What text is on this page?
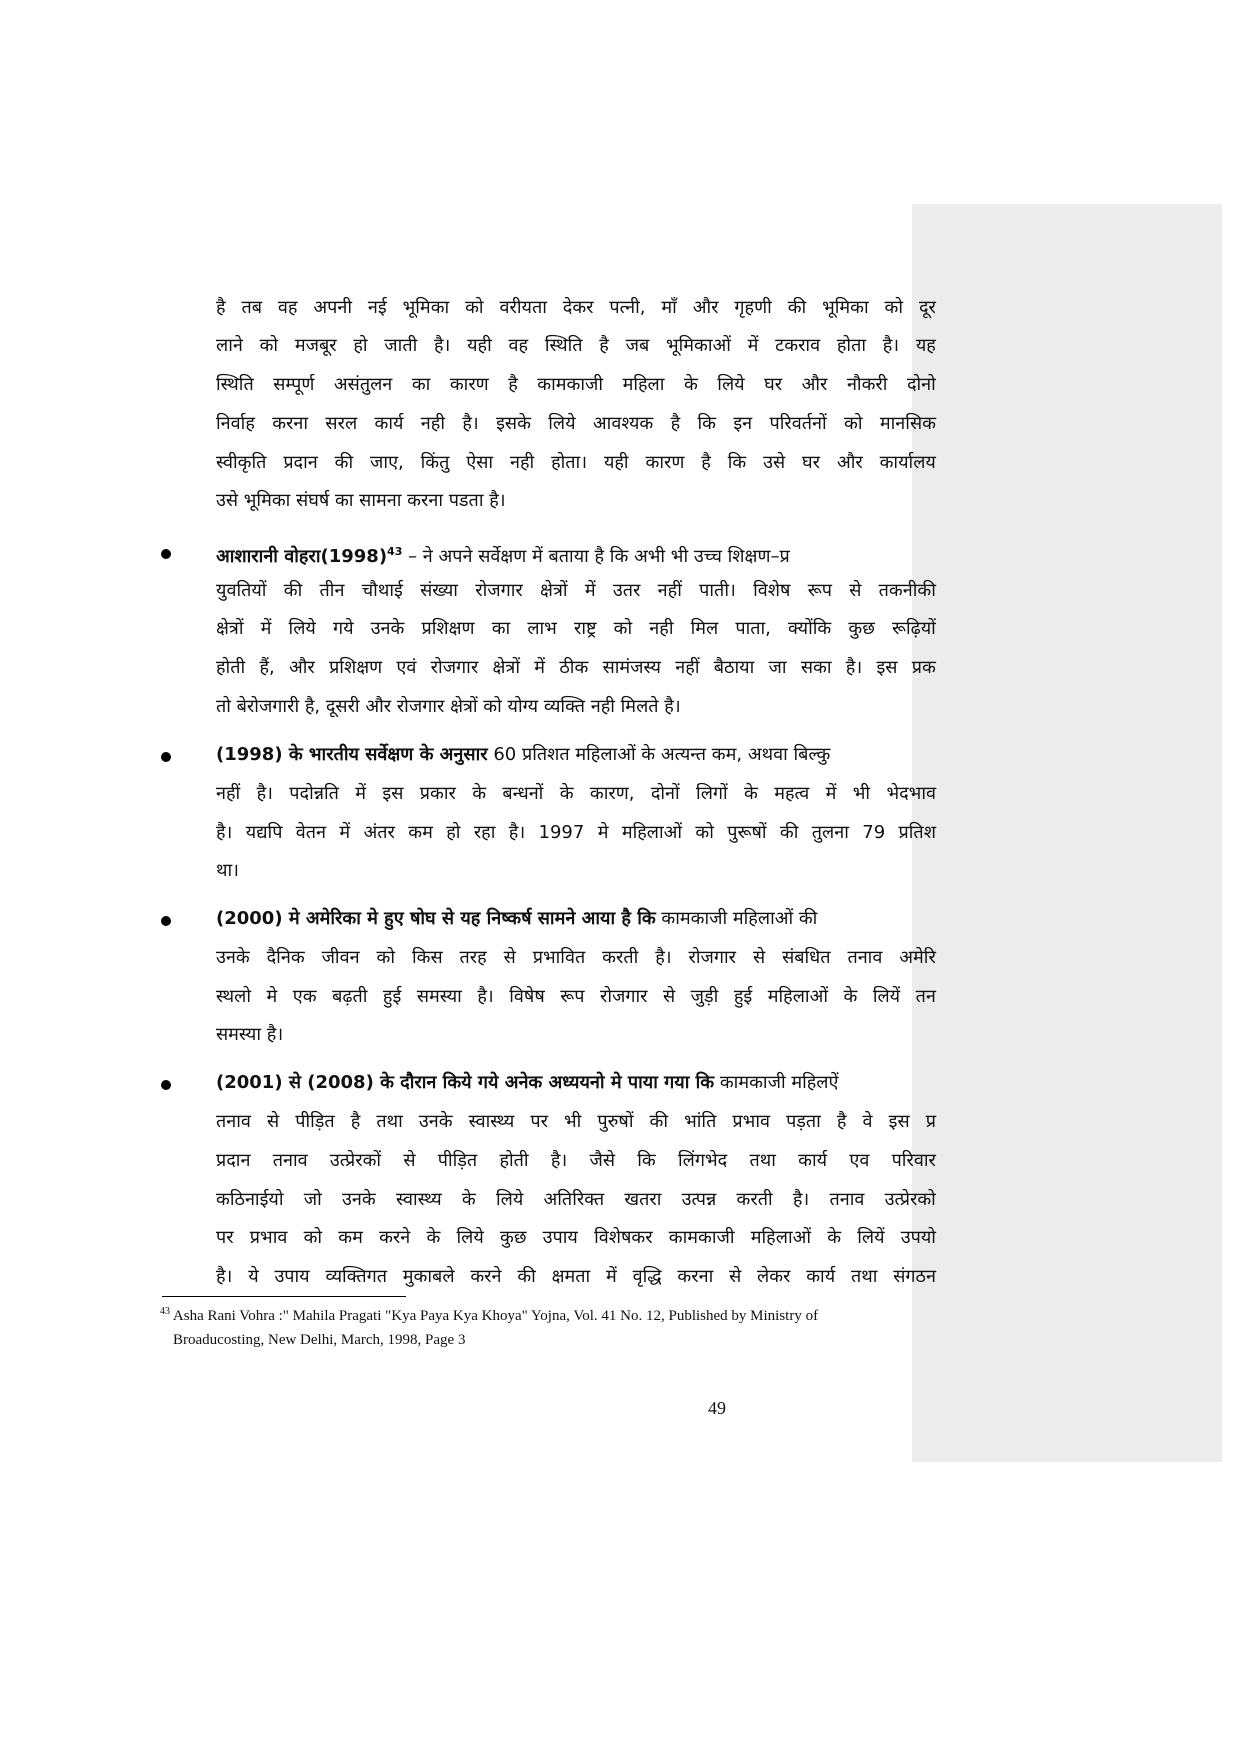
है तब वह अपनी नई भूमिका को वरीयता देकर पत्नी, माँ और गृहणी की भूमिका को दूर
लाने को मजबूर हो जाती है। यही वह स्थिति है जब भूमिकाओं में टकराव होता है। यह
स्थिति सम्पूर्ण असंतुलन का कारण है कामकाजी महिला के लिये घर और नौकरी दोनो
निर्वाह करना सरल कार्य नही है। इसके लिये आवश्यक है कि इन परिवर्तनों को मानसिक
स्वीकृति प्रदान की जाए, किंतु ऐसा नही होता। यही कारण है कि उसे घर और कार्यालय
उसे भूमिका संघर्ष का सामना करना पडता है।
आशारानी $वोहरा(1998)^{43}$ – ने अपने सर्वेक्षण में बताया है कि अभी भी उच्च शिक्षण–प्र
युवतियों की तीन चौथाई संख्या रोजगार क्षेत्रों में उतर नहीं पाती। विशेष रूप से तकनीकी
क्षेत्रों में लिये गये उनके प्रशिक्षण का लाभ राष्ट्र को नही मिल पाता, क्योंकि कुछ रूढ़ियों
होती हैं, और प्रशिक्षण एवं रोजगार क्षेत्रों में ठीक सामंजस्य नहीं बैठाया जा सका है। इस प्रक
तो बेरोजगारी है, दूसरी और रोजगार क्षेत्रों को योग्य व्यक्ति नही मिलते है।
(1998) के भारतीय सर्वेक्षण के अनुसार 60 प्रतिशत महिलाओं के अत्यन्त कम, अथवा बिल्कु
नहीं है। पदोन्नति में इस प्रकार के बन्धनों के कारण, दोनों लिगों के महत्व में भी भेदभाव
है। यद्यपि वेतन में अंतर कम हो रहा है। 1997 मे महिलाओं को पुरूषों की तुलना 79 प्रतिश
था।
(2000) मे अमेरिका मे हुए षोघ से यह निष्कर्ष सामने आया है कि कामकाजी महिलाओं की
उनके दैनिक जीवन को किस तरह से प्रभावित करती है। रोजगार से संबधित तनाव अमेरि
स्थलो मे एक बढ़ती हुई समस्या है। विषेष रूप रोजगार से जुड़ी हुई महिलाओं के लियें तन
समस्या है।
(2001) से (2008) के दौरान किये गये अनेक अध्ययनो मे पाया गया कि कामकाजी महिलऐं
तनाव से पीड़ित है तथा उनके स्वास्थ्य पर भी पुरुषों की भांति प्रभाव पड़ता है वे इस प्र
प्रदान तनाव उत्प्रेरकों से पीड़ित होती है। जैसे कि लिंगभेद तथा कार्य एव परिवार
कठिनाईयो जो उनके स्वास्थ्य के लिये अतिरिक्त खतरा उत्पन्न करती है। तनाव उत्प्रेरको
पर प्रभाव को कम करने के लिये कुछ उपाय विशेषकर कामकाजी महिलाओं के लियें उपयो
है। ये उपाय व्यक्तिगत मुकाबले करने की क्षमता में वृद्धि करना से लेकर कार्य तथा संगठन
$^{43}$ Asha Rani Vohra :" Mahila Pragati "Kya Paya Kya Khoya" Yojna, Vol. 41 No. 12, Published by Ministry of
Broaducosting, New Delhi, March, 1998, Page 3
49
